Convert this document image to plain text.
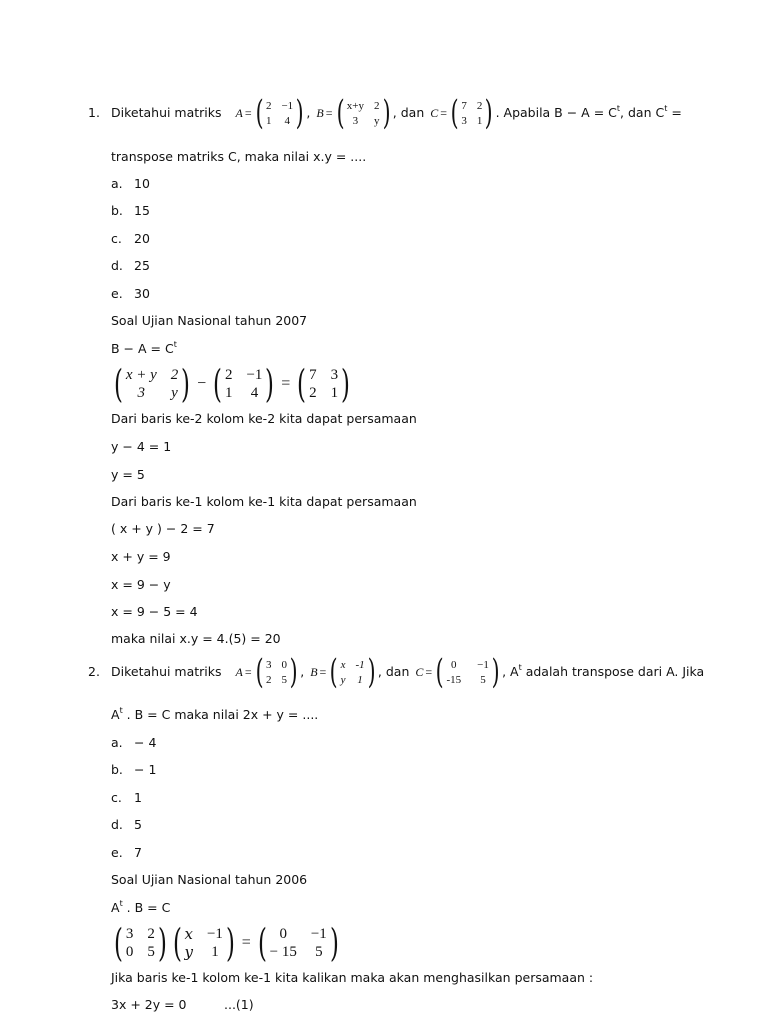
1. Diketahui matriks A = ( 2 −1
1 4 ) , B = ( x+y 2
3	y ) , dan C = ( 7 2
3 1 ) . Apabila $B - A = C^t$, dan $C^t$ =
transpose matriks C, maka nilai x.y = ....
a. 10
b. 15
c. 20
d. 25
e. 30
Soal Ujian Nasional tahun 2007
$B - A = C^t$
( x + y 2
3	y ) − ( 2 −1
1 4 ) = ( 7 3
2 1 )
Dari baris ke-2 kolom ke-2 kita dapat persamaan
y − 4 = 1
y = 5
Dari baris ke-1 kolom ke-1 kita dapat persamaan
( x + y ) − 2 = 7
x + y = 9
x = 9 − y
x = 9 − 5 = 4
maka nilai x.y = 4.(5) = 20
2. Diketahui matriks A = ( 3 0
2 5 ) , B = ( x -1
y 1 ) , dan C = ( 0	−1
-15 5 ) , $A^t$ adalah transpose dari A. Jika
$A^t$ . B = C maka nilai 2x + y = ....
a. − 4
b. − 1
c. 1
d. 5
e. 7
Soal Ujian Nasional tahun 2006
$A^t$ . B = C
( 3 2
0 5 ) ( x −1
y 1 ) = ( 0	−1
− 15 5 )
Jika baris ke-1 kolom ke-1 kita kalikan maka akan menghasilkan persamaan :
3x + 2y = 0	...(1)
